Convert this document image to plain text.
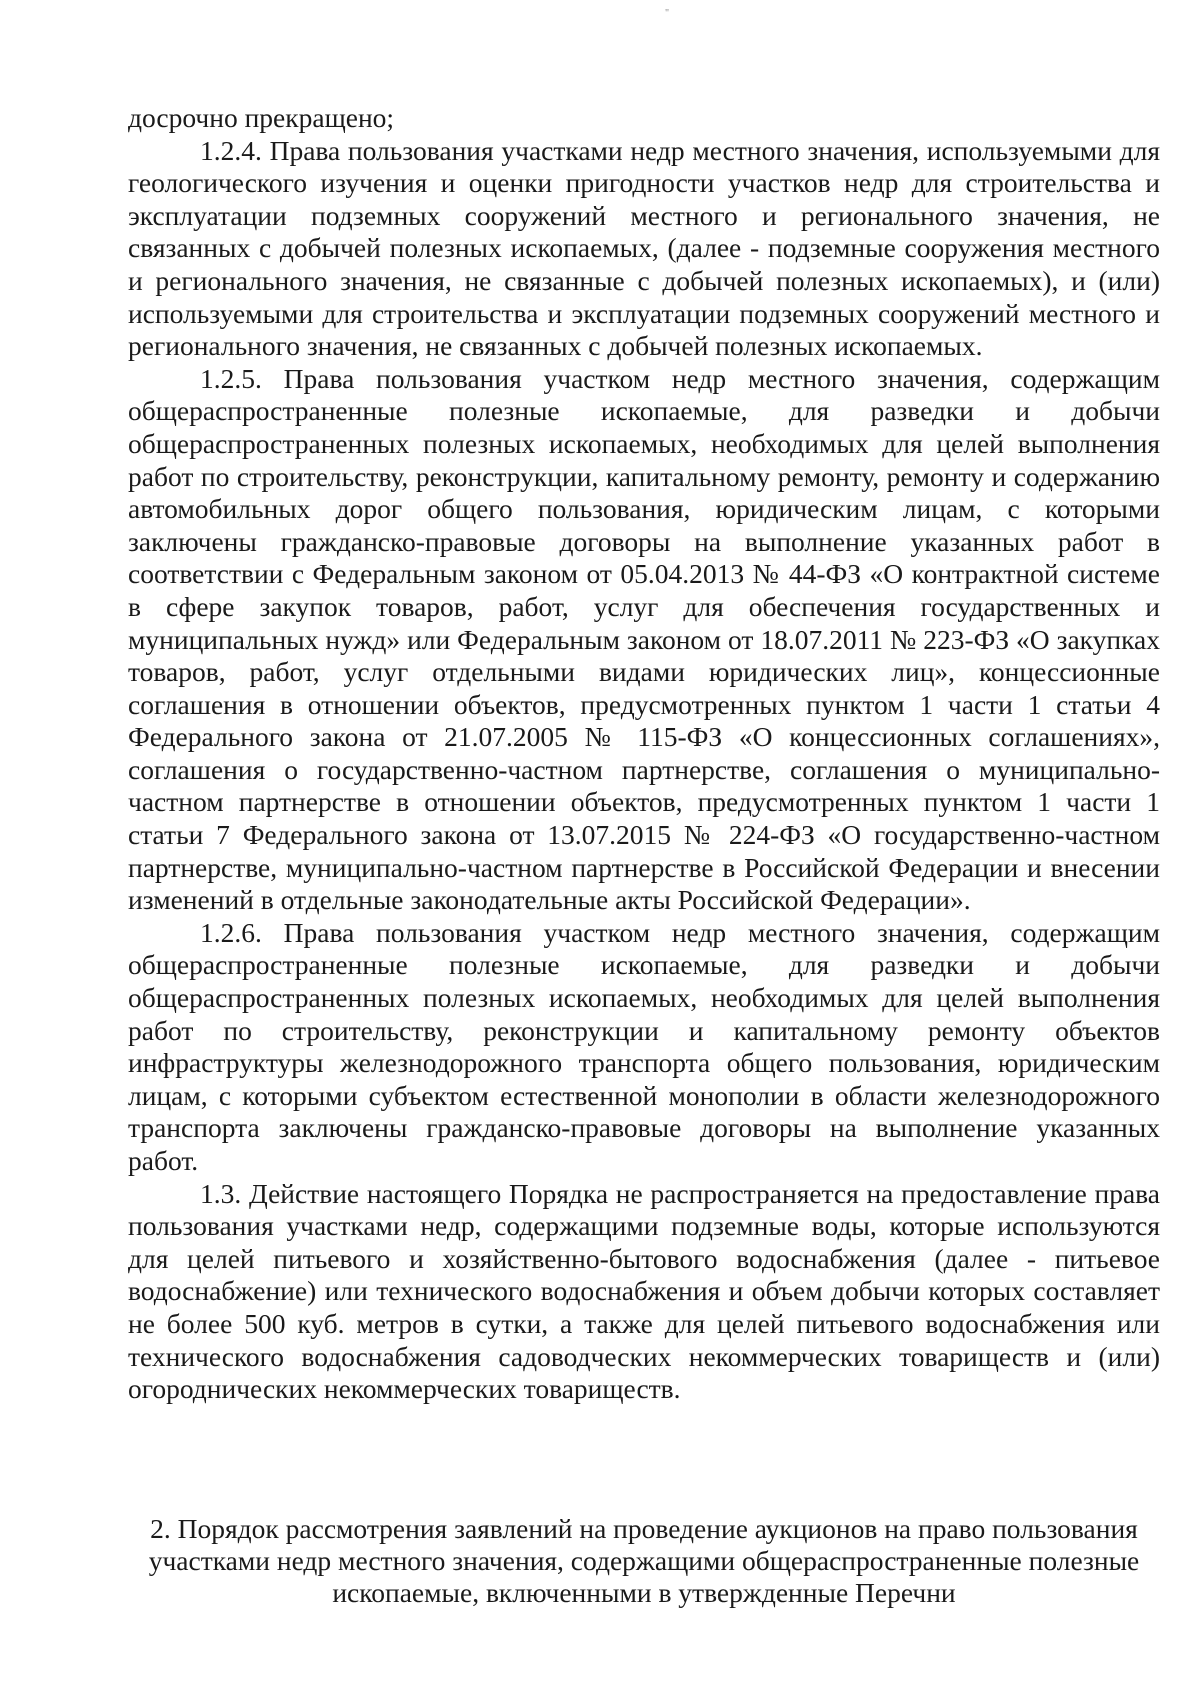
"

досрочно прекращено;

1.2.4. Права пользования участками недр местного значения, используемыми для геологического изучения и оценки пригодности участков недр для строительства и эксплуатации подземных сооружений местного и регионального значения, не связанных с добычей полезных ископаемых, (далее - подземные сооружения местного и регионального значения, не связанные с добычей полезных ископаемых), и (или) используемыми для строительства и эксплуатации подземных сооружений местного и регионального значения, не связанных с добычей полезных ископаемых.

1.2.5. Права пользования участком недр местного значения, содержащим общераспространенные полезные ископаемые, для разведки и добычи общераспространенных полезных ископаемых, необходимых для целей выполнения работ по строительству, реконструкции, капитальному ремонту, ремонту и содержанию автомобильных дорог общего пользования, юридическим лицам, с которыми заключены гражданско-правовые договоры на выполнение указанных работ в соответствии с Федеральным законом от 05.04.2013 № 44-ФЗ «О контрактной системе в сфере закупок товаров, работ, услуг для обеспечения государственных и муниципальных нужд» или Федеральным законом от 18.07.2011 № 223-ФЗ «О закупках товаров, работ, услуг отдельными видами юридических лиц», концессионные соглашения в отношении объектов, предусмотренных пунктом 1 части 1 статьи 4 Федерального закона от 21.07.2005 № 115-ФЗ «О концессионных соглашениях», соглашения о государственно-частном партнерстве, соглашения о муниципально-частном партнерстве в отношении объектов, предусмотренных пунктом 1 части 1 статьи 7 Федерального закона от 13.07.2015 № 224-ФЗ «О государственно-частном партнерстве, муниципально-частном партнерстве в Российской Федерации и внесении изменений в отдельные законодательные акты Российской Федерации».

1.2.6. Права пользования участком недр местного значения, содержащим общераспространенные полезные ископаемые, для разведки и добычи общераспространенных полезных ископаемых, необходимых для целей выполнения работ по строительству, реконструкции и капитальному ремонту объектов инфраструктуры железнодорожного транспорта общего пользования, юридическим лицам, с которыми субъектом естественной монополии в области железнодорожного транспорта заключены гражданско-правовые договоры на выполнение указанных работ.

1.3. Действие настоящего Порядка не распространяется на предоставление права пользования участками недр, содержащими подземные воды, которые используются для целей питьевого и хозяйственно-бытового водоснабжения (далее - питьевое водоснабжение) или технического водоснабжения и объем добычи которых составляет не более 500 куб. метров в сутки, а также для целей питьевого водоснабжения или технического водоснабжения садоводческих некоммерческих товариществ и (или) огороднических некоммерческих товариществ.

2. Порядок рассмотрения заявлений на проведение аукционов на право пользования участками недр местного значения, содержащими общераспространенные полезные ископаемые, включенными в утвержденные Перечни
